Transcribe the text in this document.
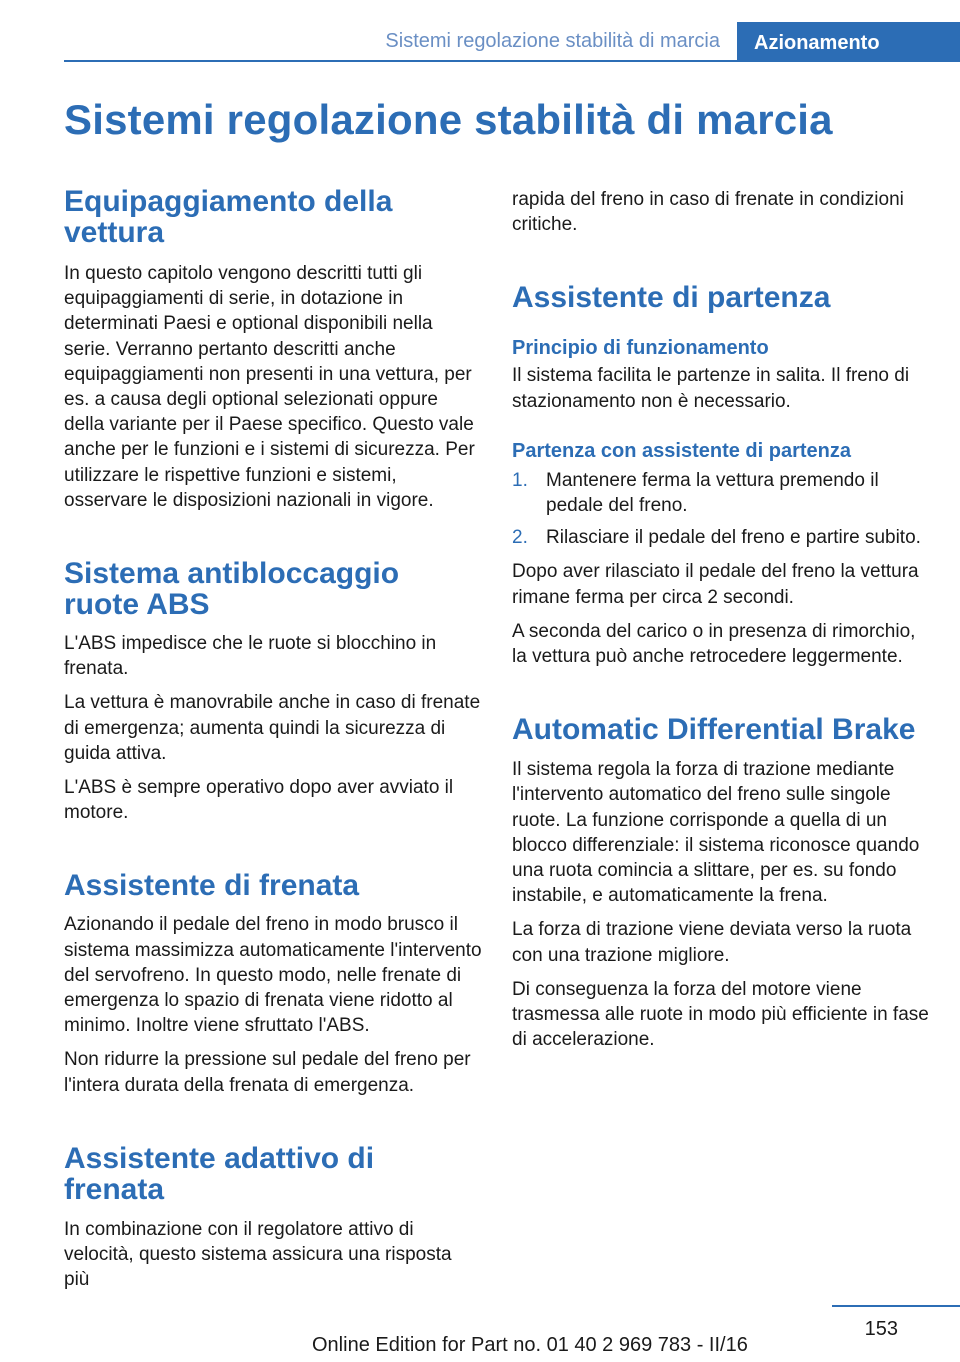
Sistemi regolazione stabilità di marcia	Azionamento
Sistemi regolazione stabilità di marcia
Equipaggiamento della vettura

In questo capitolo vengono descritti tutti gli equipaggiamenti di serie, in dotazione in determinati Paesi e optional disponibili nella serie. Verranno pertanto descritti anche equipaggiamenti non presenti in una vettura, per es. a causa degli optional selezionati oppure della variante per il Paese specifico. Questo vale anche per le funzioni e i sistemi di sicurezza. Per utilizzare le rispettive funzioni e sistemi, osservare le disposizioni nazionali in vigore.

Sistema antibloccaggio ruote ABS

L'ABS impedisce che le ruote si blocchino in frenata.

La vettura è manovrabile anche in caso di frenate di emergenza; aumenta quindi la sicurezza di guida attiva.

L'ABS è sempre operativo dopo aver avviato il motore.

Assistente di frenata

Azionando il pedale del freno in modo brusco il sistema massimizza automaticamente l'intervento del servofreno. In questo modo, nelle frenate di emergenza lo spazio di frenata viene ridotto al minimo. Inoltre viene sfruttato l'ABS.

Non ridurre la pressione sul pedale del freno per l'intera durata della frenata di emergenza.

Assistente adattivo di frenata

In combinazione con il regolatore attivo di velocità, questo sistema assicura una risposta più

rapida del freno in caso di frenate in condizioni critiche.

Assistente di partenza
Principio di funzionamento

Il sistema facilita le partenze in salita. Il freno di stazionamento non è necessario.

Partenza con assistente di partenza
1. Mantenere ferma la vettura premendo il pedale del freno.
2. Rilasciare il pedale del freno e partire subito.

Dopo aver rilasciato il pedale del freno la vettura rimane ferma per circa 2 secondi.

A seconda del carico o in presenza di rimorchio, la vettura può anche retrocedere leggermente.

Automatic Differential Brake

Il sistema regola la forza di trazione mediante l'intervento automatico del freno sulle singole ruote. La funzione corrisponde a quella di un blocco differenziale: il sistema riconosce quando una ruota comincia a slittare, per es. su fondo instabile, e automaticamente la frena.

La forza di trazione viene deviata verso la ruota con una trazione migliore.

Di conseguenza la forza del motore viene trasmessa alle ruote in modo più efficiente in fase di accelerazione.

153
Online Edition for Part no. 01 40 2 969 783 - II/16
